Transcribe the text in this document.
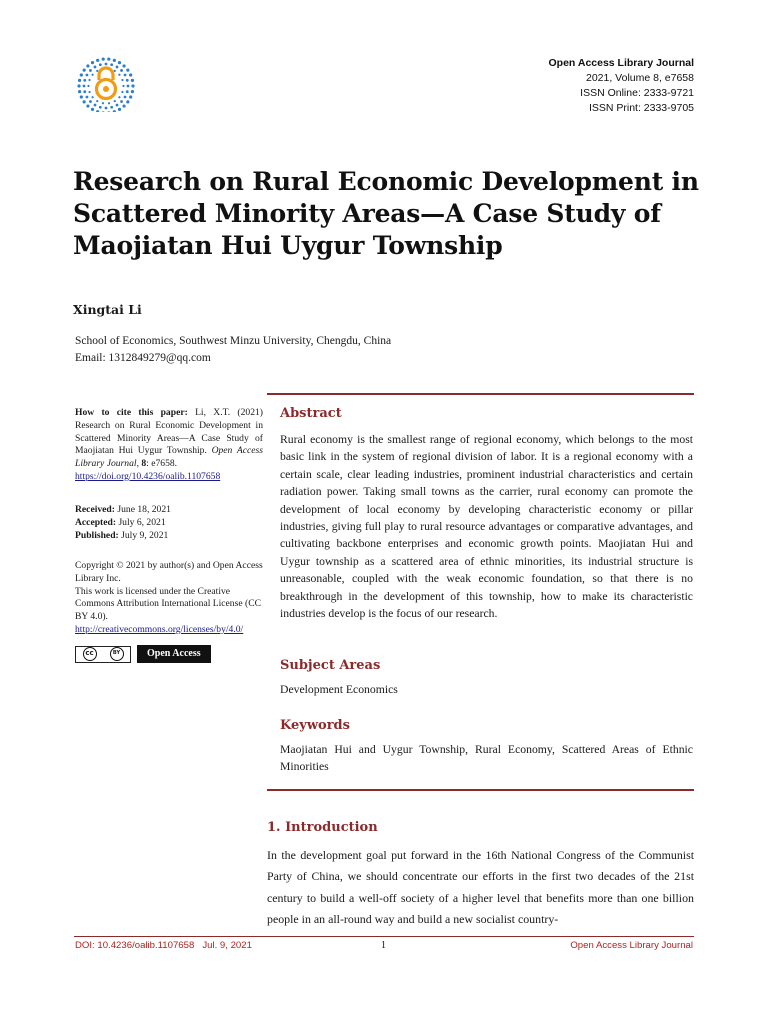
Open Access Library Journal
2021, Volume 8, e7658
ISSN Online: 2333-9721
ISSN Print: 2333-9705
Research on Rural Economic Development in Scattered Minority Areas—A Case Study of Maojiatan Hui Uygur Township
Xingtai Li
School of Economics, Southwest Minzu University, Chengdu, China
Email: 1312849279@qq.com
How to cite this paper: Li, X.T. (2021) Research on Rural Economic Development in Scattered Minority Areas—A Case Study of Maojiatan Hui Uygur Township. Open Access Library Journal, 8: e7658.
https://doi.org/10.4236/oalib.1107658
Received: June 18, 2021
Accepted: July 6, 2021
Published: July 9, 2021
Copyright © 2021 by author(s) and Open Access Library Inc.
This work is licensed under the Creative Commons Attribution International License (CC BY 4.0).
http://creativecommons.org/licenses/by/4.0/
cc	BY	Open Access
Abstract
Rural economy is the smallest range of regional economy, which belongs to the most basic link in the system of regional division of labor. It is a regional economy with a certain scale, clear leading industries, prominent industrial characteristics and certain radiation power. Taking small towns as the carrier, rural economy can promote the development of local economy by developing characteristic economy or pillar industries, giving full play to rural resource advantages or comparative advantages, and cultivating backbone enterprises and economic growth points. Maojiatan Hui and Uygur township as a scattered area of ethnic minorities, its industrial structure is unreasonable, coupled with the weak economic foundation, so that there is no breakthrough in the development of this township, how to make its characteristic industries develop is the focus of our research.
Subject Areas
Development Economics
Keywords
Maojiatan Hui and Uygur Township, Rural Economy, Scattered Areas of Ethnic Minorities
1. Introduction
In the development goal put forward in the 16th National Congress of the Communist Party of China, we should concentrate our efforts in the first two decades of the 21st century to build a well-off society of a higher level that benefits more than one billion people in an all-round way and build a new socialist country-
DOI: 10.4236/oalib.1107658 Jul. 9, 2021	1	Open Access Library Journal
